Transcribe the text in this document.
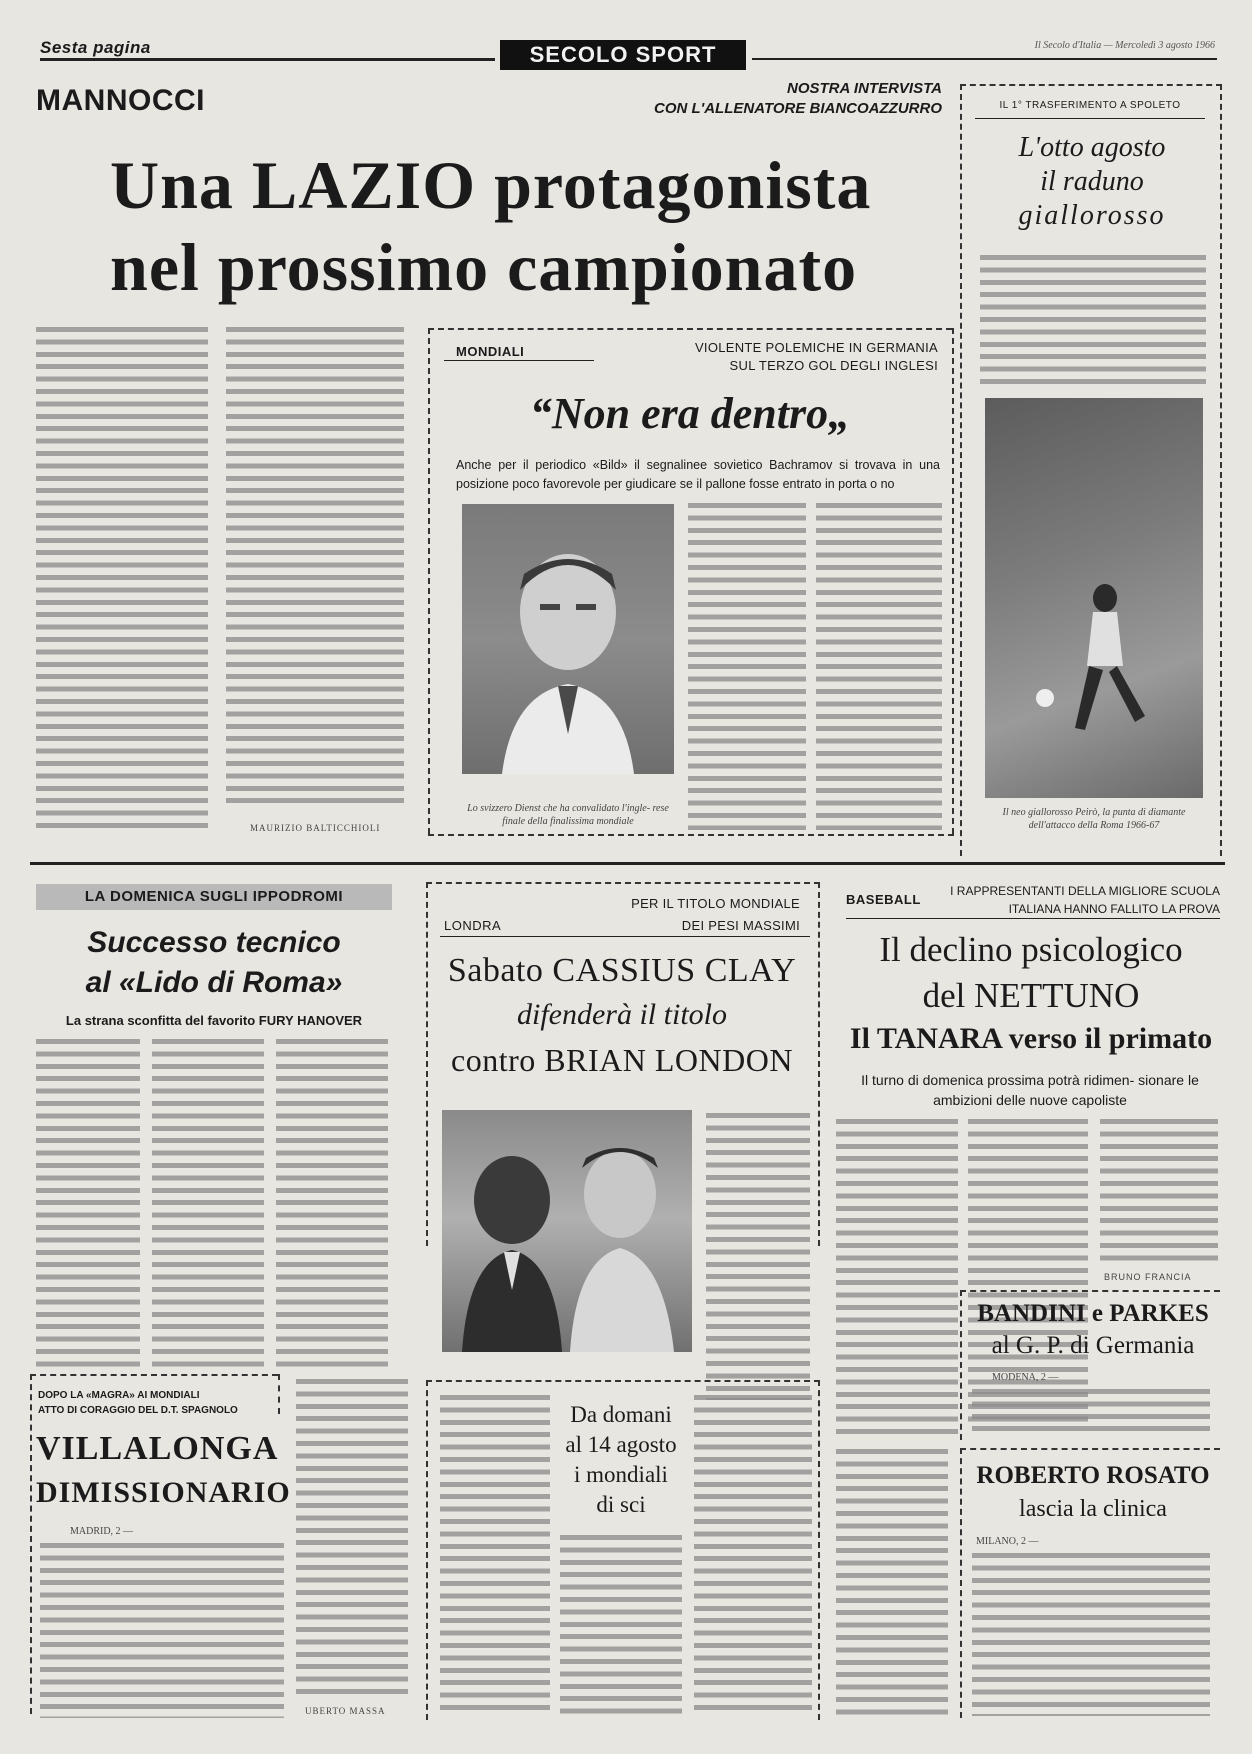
Sesta pagina	SECOLO SPORT	Il Secolo d'Italia — Mercoledì 3 agosto 1966
MANNOCCI	NOSTRA INTERVISTA
CON L'ALLENATORE BIANCOAZZURRO
Una LAZIO protagonista
nel prossimo campionato
MAURIZIO BALTICCHIOLI
IL 1° TRASFERIMENTO A SPOLETO
L'otto agosto
il raduno
giallorosso
Il neo giallorosso Peirò, la punta di diamante dell'attacco della Roma 1966-67
MONDIALI	VIOLENTE POLEMICHE IN GERMANIA
SUL TERZO GOL DEGLI INGLESI
“Non era dentro„
Anche per il periodico «Bild» il segnalinee sovietico Bachramov si trovava in una posizione poco favorevole per giudicare se il pallone fosse entrato in porta o no
Lo svizzero Dienst che ha convalidato l'ingle- rese finale della finalissima mondiale
LA DOMENICA SUGLI IPPODROMI
Successo tecnico
al «Lido di Roma»
La strana sconfitta del favorito FURY HANOVER
DOPO LA «MAGRA» AI MONDIALI
ATTO DI CORAGGIO DEL D.T. SPAGNOLO
VILLALONGA
DIMISSIONARIO
MADRID, 2 —
UBERTO MASSA
PER IL TITOLO MONDIALE
LONDRA	DEI PESI MASSIMI
Sabato CASSIUS CLAY
difenderà il titolo
contro BRIAN LONDON
Da domani
al 14 agosto
i mondiali
di sci
BASEBALL
I RAPPRESENTANTI DELLA MIGLIORE SCUOLA
ITALIANA HANNO FALLITO LA PROVA
Il declino psicologico
del NETTUNO
Il TANARA verso il primato
Il turno di domenica prossima potrà ridimen- sionare le ambizioni delle nuove capoliste
BRUNO FRANCIA
BANDINI e PARKES
al G. P. di Germania
MODENA, 2 —
ROBERTO ROSATO
lascia la clinica
MILANO, 2 —
